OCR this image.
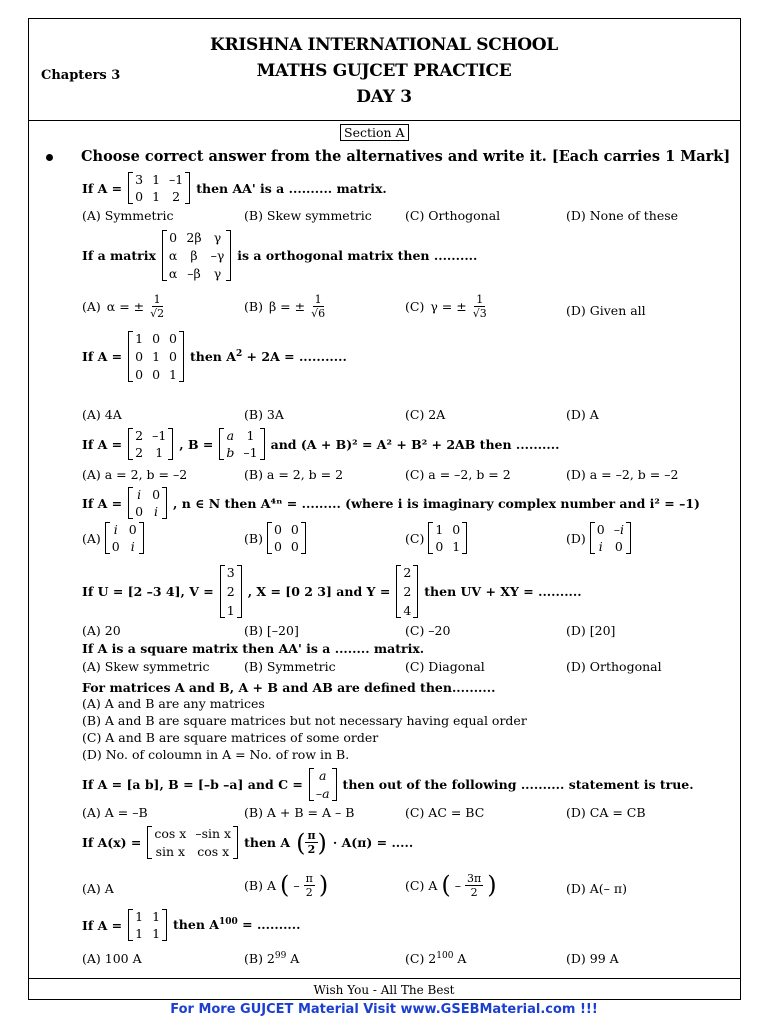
KRISHNA INTERNATIONAL SCHOOL
MATHS GUJCET PRACTICE
DAY 3
Chapters 3
Section A
Choose correct answer from the alternatives and write it. [Each carries 1 Mark]
If A =
3 1 –1
0 1 2
then AA' is a .......... matrix.
(A) Symmetric	(B) Skew symmetric	(C) Orthogonal	(D) None of these
If a matrix
0 2β γ
α	β	–γ
α –β γ
is a orthogonal matrix then ..........
(A) α = ± $\frac{1}{√2}$	(B) β = ± $\frac{1}{√6}$	(C) γ = ± $\frac{1}{√3}$	(D) Given all
If A =
1 0 0
0 1 0
0 0 1
then $A^2 + 2A$ = ...........
(A) 4A	(B) 3A	(C) 2A	(D) A
If A =
2 –1
2 1
, B =
a 1
b –1
and (A + B)² = A² + B² + 2AB then ..........
(A) a = 2, b = –2	(B) a = 2, b = 2	(C) a = –2, b = 2	(D) a = –2, b = –2
If A =
i 0
0 i
, n ∈ N then A⁴ⁿ = ......... (where i is imaginary complex number and i² = –1)
(A)
i 0
0 i
(B)
0 0
0 0
(C)
1 0
0 1
(D)
0 –i
i 0
If U = [2 –3 4], V =
3
2
1
, X = [0 2 3] and Y =
2
2
4
then UV + XY = ..........
(A) 20	(B) [–20]	(C) –20	(D) [20]
If A is a square matrix then AA' is a ........ matrix.
(A) Skew symmetric	(B) Symmetric	(C) Diagonal	(D) Orthogonal
For matrices A and B, A + B and AB are defined then..........
(A) A and B are any matrices
(B) A and B are square matrices but not necessary having equal order
(C) A and B are square matrices of some order
(D) No. of coloumn in A = No. of row in B.
If A = [a b], B = [–b –a] and C =
a
–a
then out of the following .......... statement is true.
(A) A = –B	(B) A + B = A – B	(C) AC = BC	(D) CA = CB
If A(x) =
cos x –sin x
sin x cos x
then A ( $\frac{\pi}{2}$ ) · A(π) = .....
(A) A	(B) A ( – $\frac{\pi}{2}$ )	(C) A ( – $\frac{3\pi}{2}$ )	(D) A(– π)
If A =
1 1
1 1
then $A^{100}$ = ..........
(A) 100 A	(B) $2^{99}$ A	(C) $2^{100}$ A	(D) 99 A
Wish You - All The Best
For More GUJCET Material Visit www.GSEBMaterial.com !!!
